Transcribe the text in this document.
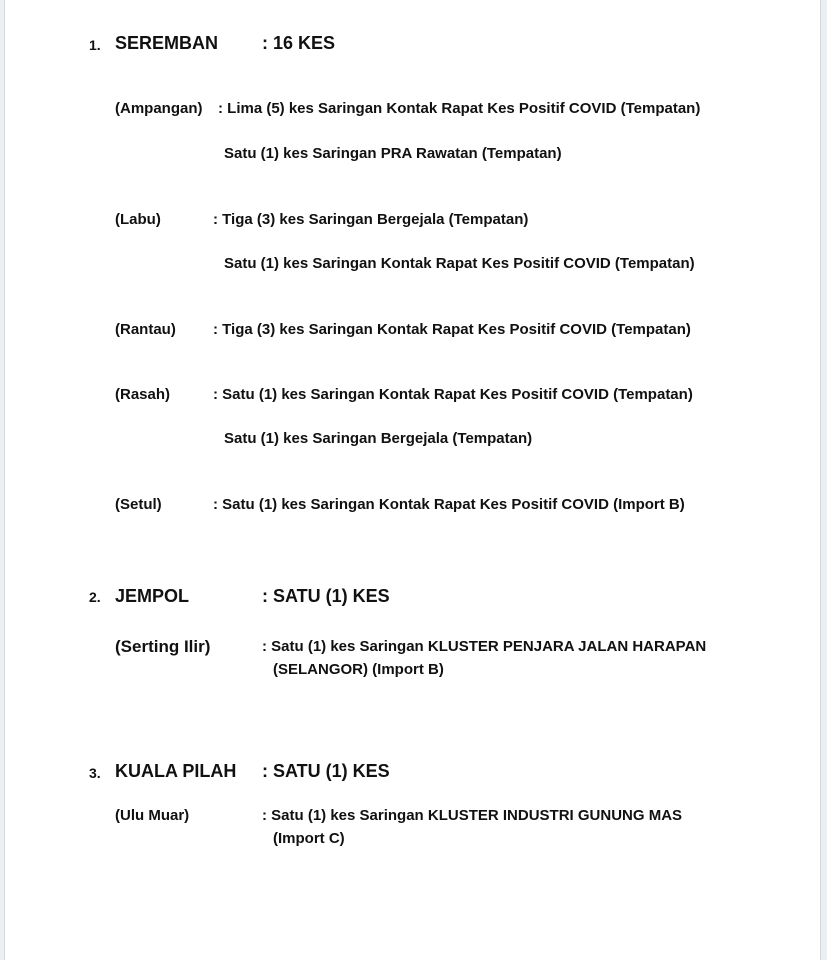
1. SEREMBAN : 16 KES
(Ampangan) : Lima (5) kes Saringan Kontak Rapat Kes Positif COVID (Tempatan)
Satu (1) kes Saringan PRA Rawatan (Tempatan)
(Labu)	: Tiga (3) kes Saringan Bergejala (Tempatan)
Satu (1) kes Saringan Kontak Rapat Kes Positif COVID (Tempatan)
(Rantau) : Tiga (3) kes Saringan Kontak Rapat Kes Positif COVID (Tempatan)
(Rasah)	: Satu (1) kes Saringan Kontak Rapat Kes Positif COVID (Tempatan)
Satu (1) kes Saringan Bergejala (Tempatan)
(Setul)	: Satu (1) kes Saringan Kontak Rapat Kes Positif COVID (Import B)
2. JEMPOL	: SATU (1) KES
(Serting Ilir)	: Satu (1) kes Saringan KLUSTER PENJARA JALAN HARAPAN
(SELANGOR) (Import B)
3. KUALA PILAH : SATU (1) KES
(Ulu Muar)	: Satu (1) kes Saringan KLUSTER INDUSTRI GUNUNG MAS
(Import C)
